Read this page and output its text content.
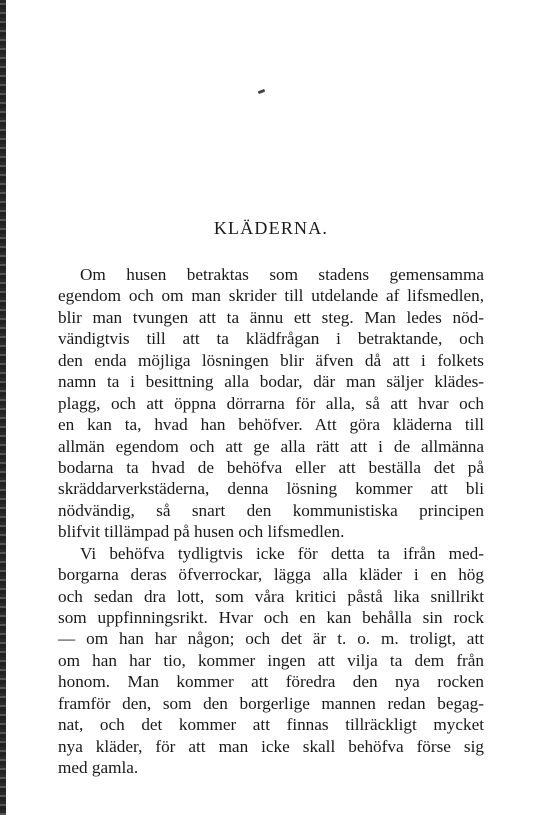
KLÄDERNA.
Om husen betraktas som stadens gemensamma
egendom och om man skrider till utdelande af lifsmedlen,
blir man tvungen att ta ännu ett steg. Man ledes nöd-
vändigtvis till att ta klädfrågan i betraktande, och
den enda möjliga lösningen blir äfven då att i folkets
namn ta i besittning alla bodar, där man säljer klädes-
plagg, och att öppna dörrarna för alla, så att hvar och
en kan ta, hvad han behöfver. Att göra kläderna till
allmän egendom och att ge alla rätt att i de allmänna
bodarna ta hvad de behöfva eller att beställa det på
skräddarverkstäderna, denna lösning kommer att bli
nödvändig, så snart den kommunistiska principen
blifvit tillämpad på husen och lifsmedlen.
Vi behöfva tydligtvis icke för detta ta ifrån med-
borgarna deras öfverrockar, lägga alla kläder i en hög
och sedan dra lott, som våra kritici påstå lika snillrikt
som uppfinningsrikt. Hvar och en kan behålla sin rock
— om han har någon; och det är t. o. m. troligt, att
om han har tio, kommer ingen att vilja ta dem från
honom. Man kommer att föredra den nya rocken
framför den, som den borgerlige mannen redan begag-
nat, och det kommer att finnas tillräckligt mycket
nya kläder, för att man icke skall behöfva förse sig
med gamla.
